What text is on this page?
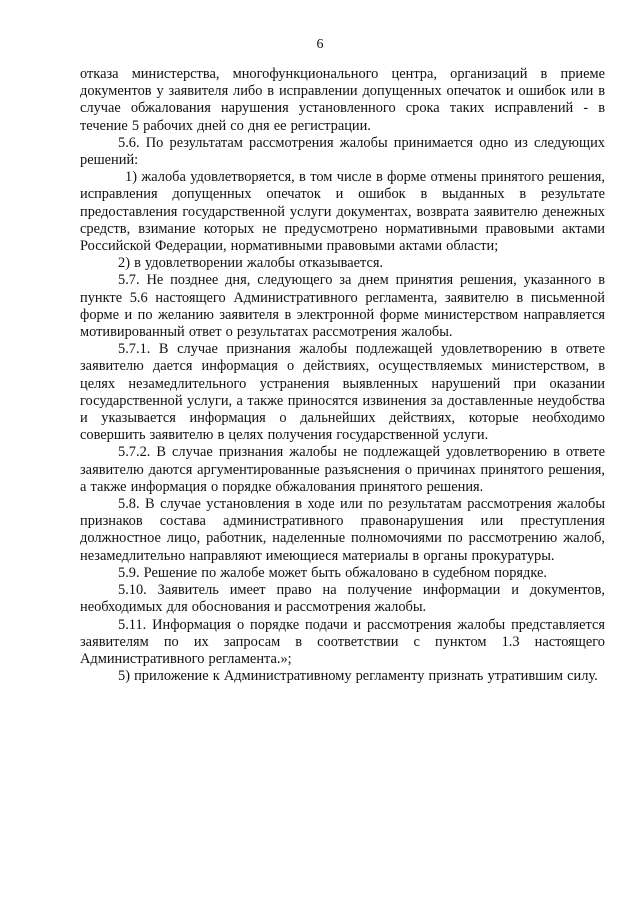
6

отказа министерства, многофункционального центра, организаций в приеме документов у заявителя либо в исправлении допущенных опечаток и ошибок или в случае обжалования нарушения установленного срока таких исправлений - в течение 5 рабочих дней со дня ее регистрации.

5.6. По результатам рассмотрения жалобы принимается одно из следующих решений:

1) жалоба удовлетворяется, в том числе в форме отмены принятого решения, исправления допущенных опечаток и ошибок в выданных в результате предоставления государственной услуги документах, возврата заявителю денежных средств, взимание которых не предусмотрено нормативными правовыми актами Российской Федерации, нормативными правовыми актами области;

2) в удовлетворении жалобы отказывается.

5.7. Не позднее дня, следующего за днем принятия решения, указанного в пункте 5.6 настоящего Административного регламента, заявителю в письменной форме и по желанию заявителя в электронной форме министерством направляется мотивированный ответ о результатах рассмотрения жалобы.

5.7.1. В случае признания жалобы подлежащей удовлетворению в ответе заявителю дается информация о действиях, осуществляемых министерством, в целях незамедлительного устранения выявленных нарушений при оказании государственной услуги, а также приносятся извинения за доставленные неудобства и указывается информация о дальнейших действиях, которые необходимо совершить заявителю в целях получения государственной услуги.

5.7.2. В случае признания жалобы не подлежащей удовлетворению в ответе заявителю даются аргументированные разъяснения о причинах принятого решения, а также информация о порядке обжалования принятого решения.

5.8. В случае установления в ходе или по результатам рассмотрения жалобы признаков состава административного правонарушения или преступления должностное лицо, работник, наделенные полномочиями по рассмотрению жалоб, незамедлительно направляют имеющиеся материалы в органы прокуратуры.

5.9. Решение по жалобе может быть обжаловано в судебном порядке.

5.10. Заявитель имеет право на получение информации и документов, необходимых для обоснования и рассмотрения жалобы.

5.11. Информация о порядке подачи и рассмотрения жалобы представляется заявителям по их запросам в соответствии с пунктом 1.3 настоящего Административного регламента.»;

5) приложение к Административному регламенту признать утратившим силу.
